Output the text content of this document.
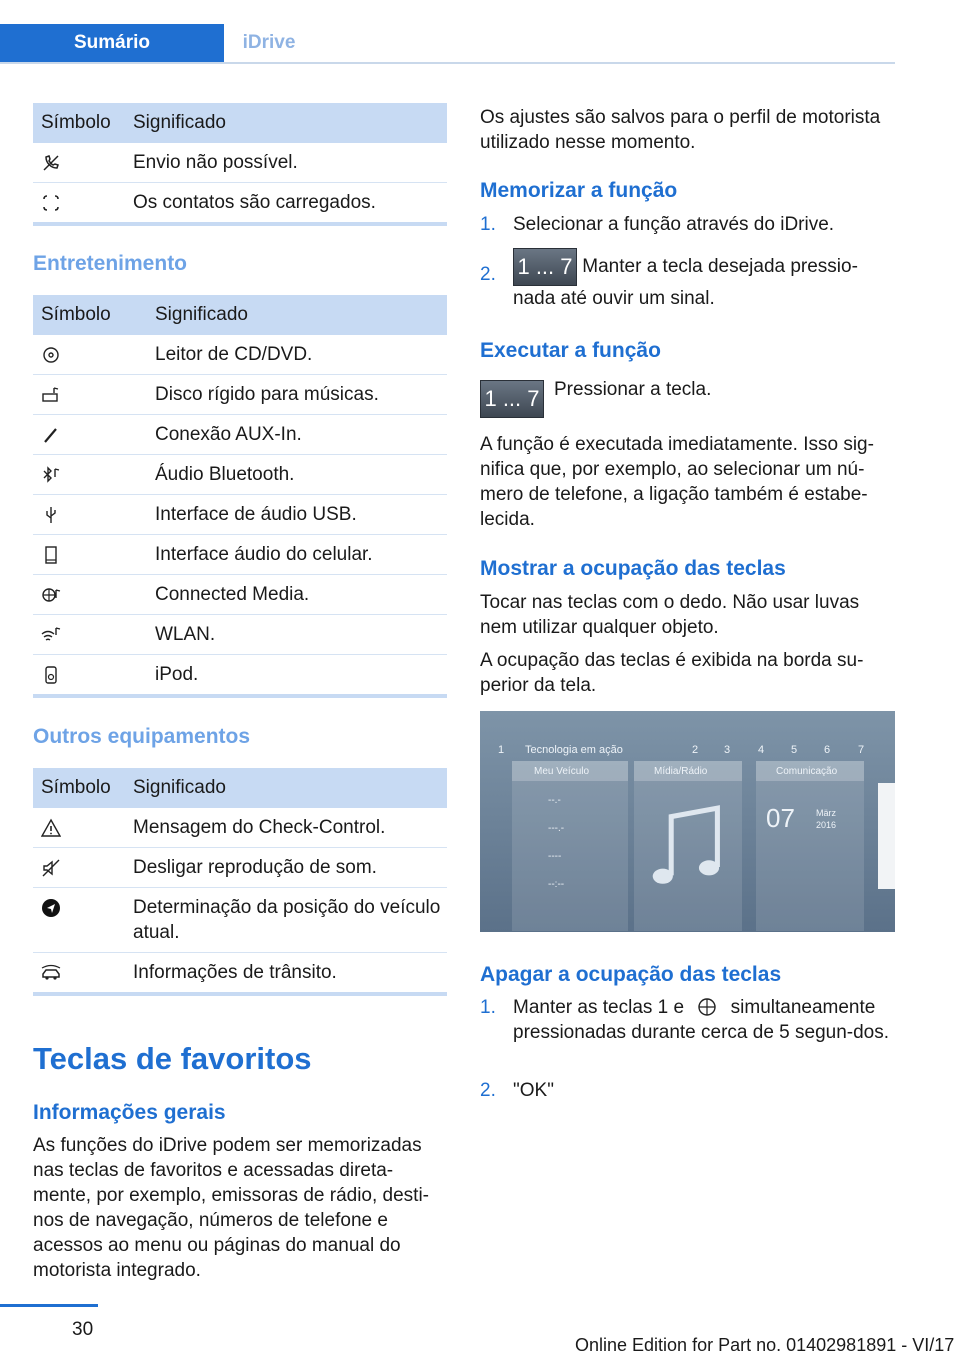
Sumário	iDrive
Símbolo	Significado

	Envio não possível.

	Os contatos são carregados.
Entretenimento
Símbolo	Significado

	Leitor de CD/DVD.

	Disco rígido para músicas.

	Conexão AUX-In.

	Áudio Bluetooth.

	Interface de áudio USB.

	Interface áudio do celular.

	Connected Media.

	WLAN.

	iPod.
Outros equipamentos
Símbolo	Significado

	Mensagem do Check-Control.

	Desligar reprodução de som.

	Determinação da posição do veículo atual.

	Informações de trânsito.
Teclas de favoritos
Informações gerais

As funções do iDrive podem ser memorizadas nas teclas de favoritos e acessadas direta‐mente, por exemplo, emissoras de rádio, desti‐nos de navegação, números de telefone e acessos ao menu ou páginas do manual do motorista integrado.

Os ajustes são salvos para o perfil de motorista utilizado nesse momento.

Memorizar a função
1. Selecionar a função através do iDrive.
2. 1 ... 7 Manter a tecla desejada pressio‐nada até ouvir um sinal.
Executar a função
1 ... 7 Pressionar a tecla.

A função é executada imediatamente. Isso sig‐nifica que, por exemplo, ao selecionar um nú‐mero de telefone, a ligação também é estabe‐lecida.

Mostrar a ocupação das teclas

Tocar nas teclas com o dedo. Não usar luvas nem utilizar qualquer objeto.

A ocupação das teclas é exibida na borda su‐perior da tela.

1 Tecnologia em ação	2 3	4 5 6	7
Meu Veículo
--.-
---.-
----
--:--
Mídia/Rádio	Comunicação
07 März
2016
Apagar a ocupação das teclas
1. Manter as teclas 1 e simultaneamente pressionadas durante cerca de 5 segun‐dos.
2. "OK"
30
Online Edition for Part no. 01402981891 - VI/17
